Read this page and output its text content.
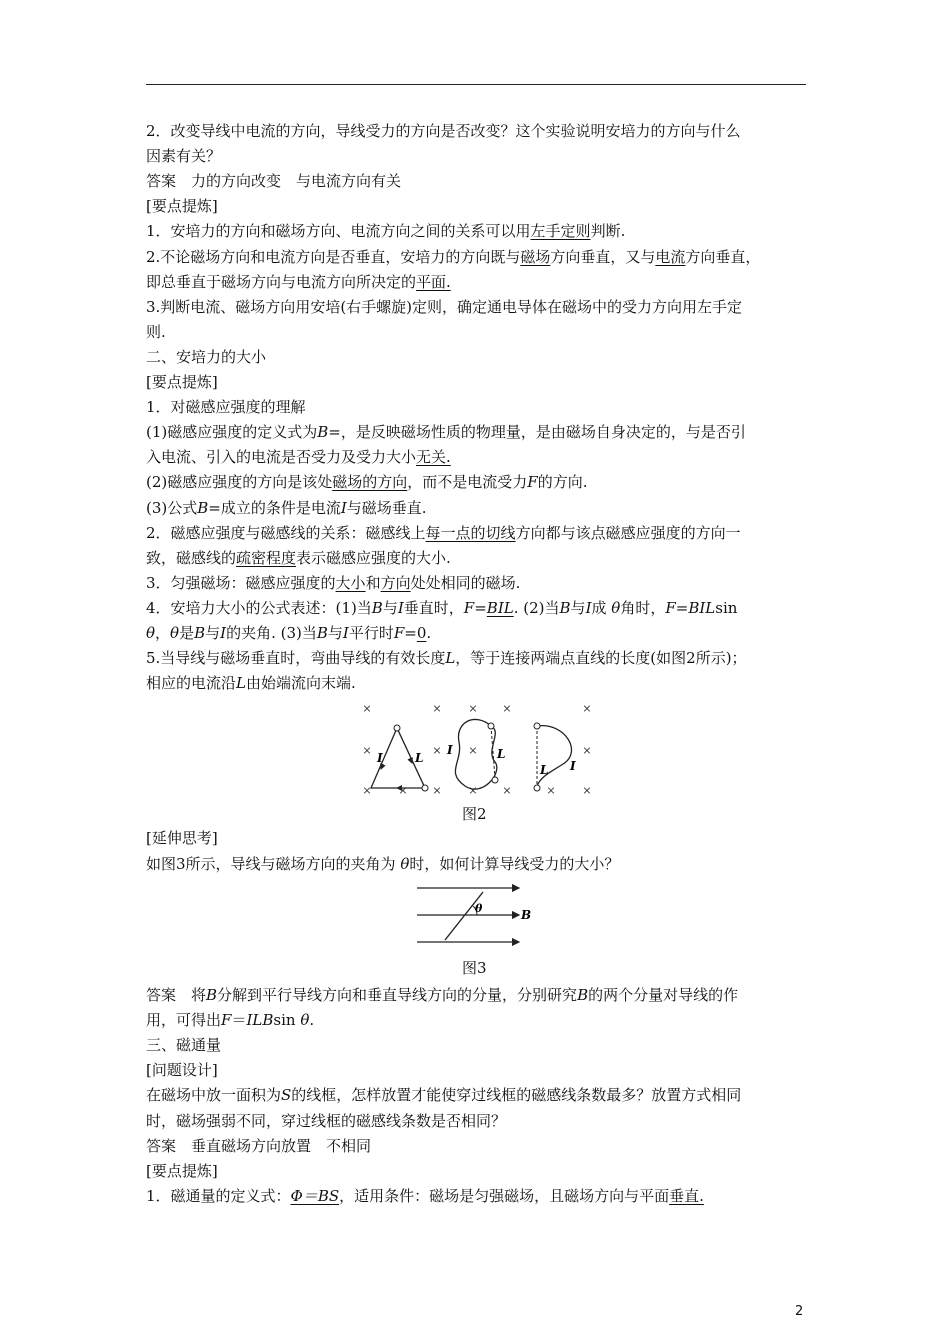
2．改变导线中电流的方向，导线受力的方向是否改变？这个实验说明安培力的方向与什么
因素有关？
答案　力的方向改变　与电流方向有关
[要点提炼]
1．安培力的方向和磁场方向、电流方向之间的关系可以用左手定则判断.
2.不论磁场方向和电流方向是否垂直，安培力的方向既与磁场方向垂直，又与电流方向垂直，
即总垂直于磁场方向与电流方向所决定的平面.
3.判断电流、磁场方向用安培(右手螺旋)定则，确定通电导体在磁场中的受力方向用左手定
则.
二、安培力的大小
[要点提炼]
1．对磁感应强度的理解
(1)磁感应强度的定义式为B=，是反映磁场性质的物理量，是由磁场自身决定的，与是否引
入电流、引入的电流是否受力及受力大小无关.
(2)磁感应强度的方向是该处磁场的方向，而不是电流受力F的方向.
(3)公式B=成立的条件是电流I与磁场垂直.
2．磁感应强度与磁感线的关系：磁感线上每一点的切线方向都与该点磁感应强度的方向一
致，磁感线的疏密程度表示磁感应强度的大小.
3．匀强磁场：磁感应强度的大小和方向处处相同的磁场.
4．安培力大小的公式表述：(1)当B与I垂直时，F=BIL. (2)当B与I成 θ角时，F=BILsin
θ，θ是B与I的夹角. (3)当B与I平行时F=0.
5.当导线与磁场垂直时，弯曲导线的有效长度L，等于连接两端点直线的长度(如图2所示)；
相应的电流沿L由始端流向末端.
×	× × ×	×
×	× ×	×
× × × × ×	× ×
I	L
I	L
L I
图2
[延伸思考]
如图3所示，导线与磁场方向的夹角为 θ时，如何计算导线受力的大小？
θ	B
图3
答案　将B分解到平行导线方向和垂直导线方向的分量，分别研究B的两个分量对导线的作
用，可得出F＝ILBsin θ.
三、磁通量
[问题设计]
在磁场中放一面积为S的线框，怎样放置才能使穿过线框的磁感线条数最多？放置方式相同
时，磁场强弱不同，穿过线框的磁感线条数是否相同？
答案　垂直磁场方向放置　不相同
[要点提炼]
1．磁通量的定义式：Φ＝BS，适用条件：磁场是匀强磁场，且磁场方向与平面垂直.
2
